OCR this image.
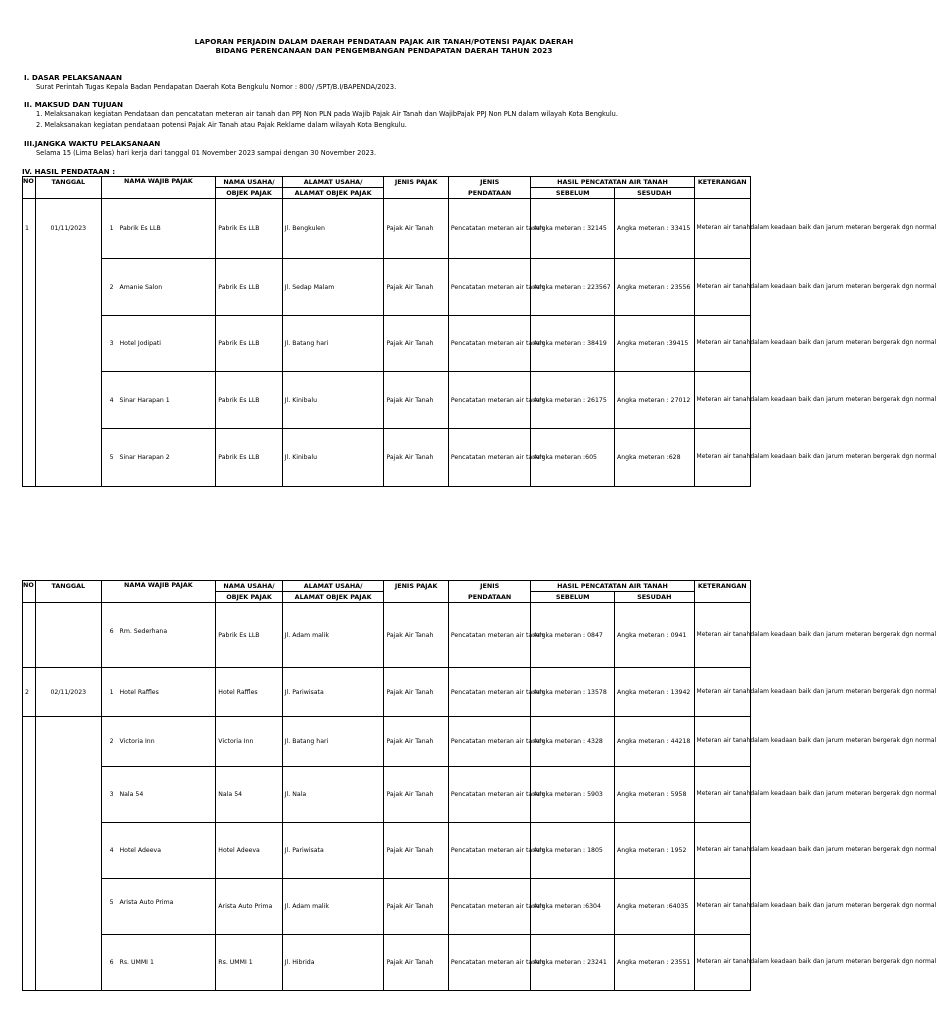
LAPORAN PERJADIN DALAM DAERAH PENDATAAN PAJAK AIR TANAH/POTENSI PAJAK DAERAH
BIDANG PERENCANAAN DAN PENGEMBANGAN PENDAPATAN DAERAH TAHUN 2023
I. DASAR PELAKSANAAN
Surat Perintah Tugas Kepala Badan Pendapatan Daerah Kota Bengkulu Nomor : 800/ /SPT/B.I/BAPENDA/2023.
II. MAKSUD DAN TUJUAN
1. Melaksanakan kegiatan Pendataan dan pencatatan meteran air tanah dan PPJ Non PLN pada Wajib Pajak Air Tanah dan WajibPajak PPJ Non PLN dalam wilayah Kota Bengkulu.
2. Melaksanakan kegiatan pendataan potensi Pajak Air Tanah atau Pajak Reklame dalam wilayah Kota Bengkulu.
III.JANGKA WAKTU PELAKSANAAN
Selama 15 (Lima Belas) hari kerja dari tanggal 01 November 2023 sampai dengan 30 November 2023.
IV. HASIL PENDATAAN :
NO	TANGGAL	NAMA WAJIB PAJAK	NAMA USAHA/	ALAMAT USAHA/	JENIS PAJAK	JENIS	HASIL PENCATATAN AIR TANAH		KETERANGAN
			OBJEK PAJAK	ALAMAT OBJEK PAJAK		PENDATAAN	SEBELUM	SESUDAH	
1	01/11/2023	1 Pabrik Es LLB	Pabrik Es LLB	Jl. Bengkulen	Pajak Air Tanah	Pencatatan meteran air tanah	Angka meteran : 32145	Angka meteran : 33415	Meteran air tanahdalam keadaan baik dan jarum meteran bergerak dgn normal
		2 Amanie Salon	Pabrik Es LLB	Jl. Sedap Malam	Pajak Air Tanah	Pencatatan meteran air tanah	Angka meteran : 223567	Angka meteran : 23556	Meteran air tanahdalam keadaan baik dan jarum meteran bergerak dgn normal
		3 Hotel Jodipati	Pabrik Es LLB	Jl. Batang hari	Pajak Air Tanah	Pencatatan meteran air tanah	Angka meteran : 38419	Angka meteran :39415	Meteran air tanahdalam keadaan baik dan jarum meteran bergerak dgn normal
		4 Sinar Harapan 1	Pabrik Es LLB	Jl. Kinibalu	Pajak Air Tanah	Pencatatan meteran air tanah	Angka meteran : 26175	Angka meteran : 27012	Meteran air tanahdalam keadaan baik dan jarum meteran bergerak dgn normal
		5 Sinar Harapan 2	Pabrik Es LLB	Jl. Kinibalu	Pajak Air Tanah	Pencatatan meteran air tanah	Angka meteran :605	Angka meteran :628	Meteran air tanahdalam keadaan baik dan jarum meteran bergerak dgn normal
NO	TANGGAL	NAMA WAJIB PAJAK	NAMA USAHA/	ALAMAT USAHA/	JENIS PAJAK	JENIS	HASIL PENCATATAN AIR TANAH		KETERANGAN
			OBJEK PAJAK	ALAMAT OBJEK PAJAK		PENDATAAN	SEBELUM	SESUDAH	
		6 Rm. Sederhana	Pabrik Es LLB	Jl. Adam malik	Pajak Air Tanah	Pencatatan meteran air tanah	Angka meteran : 0847	Angka meteran : 0941	Meteran air tanahdalam keadaan baik dan jarum meteran bergerak dgn normal
2	02/11/2023	1 Hotel Raffles	Hotel Raffles	Jl. Pariwisata	Pajak Air Tanah	Pencatatan meteran air tanah	Angka meteran : 13578	Angka meteran : 13942	Meteran air tanahdalam keadaan baik dan jarum meteran bergerak dgn normal
		2 Victoria Inn	Victoria Inn	Jl. Batang hari	Pajak Air Tanah	Pencatatan meteran air tanah	Angka meteran : 4328	Angka meteran : 44218	Meteran air tanahdalam keadaan baik dan jarum meteran bergerak dgn normal
		3 Nala 54	Nala 54	Jl. Nala	Pajak Air Tanah	Pencatatan meteran air tanah	Angka meteran : 5903	Angka meteran : 5958	Meteran air tanahdalam keadaan baik dan jarum meteran bergerak dgn normal
		4 Hotel Adeeva	Hotel Adeeva	Jl. Pariwisata	Pajak Air Tanah	Pencatatan meteran air tanah	Angka meteran : 1805	Angka meteran : 1952	Meteran air tanahdalam keadaan baik dan jarum meteran bergerak dgn normal
		5 Arista Auto Prima	Arista Auto Prima	Jl. Adam malik	Pajak Air Tanah	Pencatatan meteran air tanah	Angka meteran :6304	Angka meteran :64035	Meteran air tanahdalam keadaan baik dan jarum meteran bergerak dgn normal
		6 Rs. UMMI 1	Rs. UMMI 1	Jl. Hibrida	Pajak Air Tanah	Pencatatan meteran air tanah	Angka meteran : 23241	Angka meteran : 23551	Meteran air tanahdalam keadaan baik dan jarum meteran bergerak dgn normal
